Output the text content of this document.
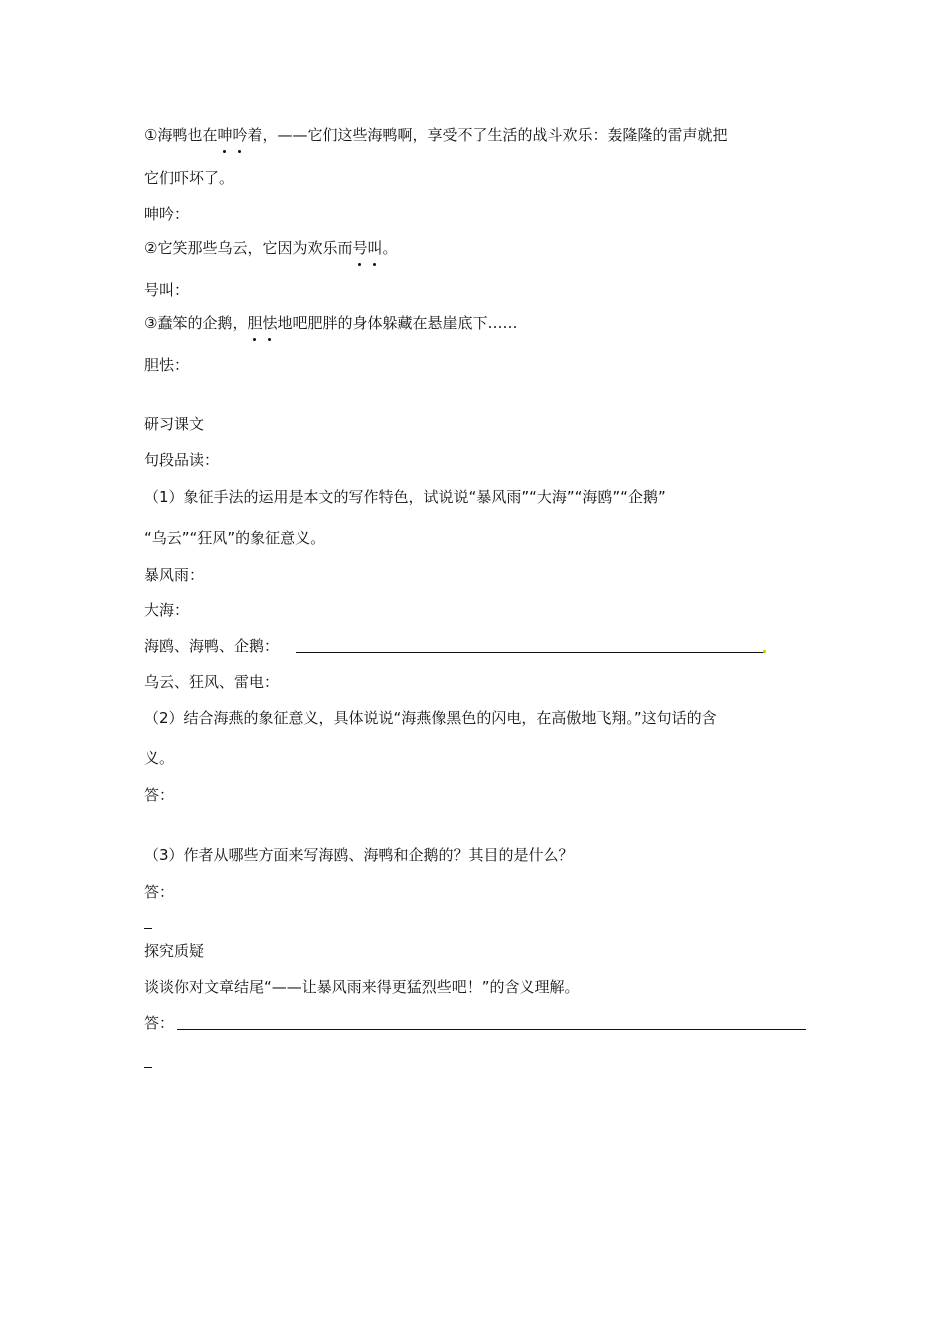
①海鸭也在呻吟着，——它们这些海鸭啊，享受不了生活的战斗欢乐：轰隆隆的雷声就把
它们吓坏了。
呻吟：
②它笑那些乌云，它因为欢乐而号叫。
号叫：
③蠢笨的企鹅，胆怯地吧肥胖的身体躲藏在悬崖底下……
胆怯：
研习课文
句段品读：
（1）象征手法的运用是本文的写作特色，试说说“暴风雨”“大海”“海鸥”“企鹅”
“乌云”“狂风”的象征意义。
暴风雨：
大海：
海鸥、海鸭、企鹅：
乌云、狂风、雷电：
（2）结合海燕的象征意义，具体说说“海燕像黑色的闪电，在高傲地飞翔。”这句话的含
义。
答：
（3）作者从哪些方面来写海鸥、海鸭和企鹅的？其目的是什么？
答：
探究质疑
谈谈你对文章结尾“——让暴风雨来得更猛烈些吧！”的含义理解。
答：
